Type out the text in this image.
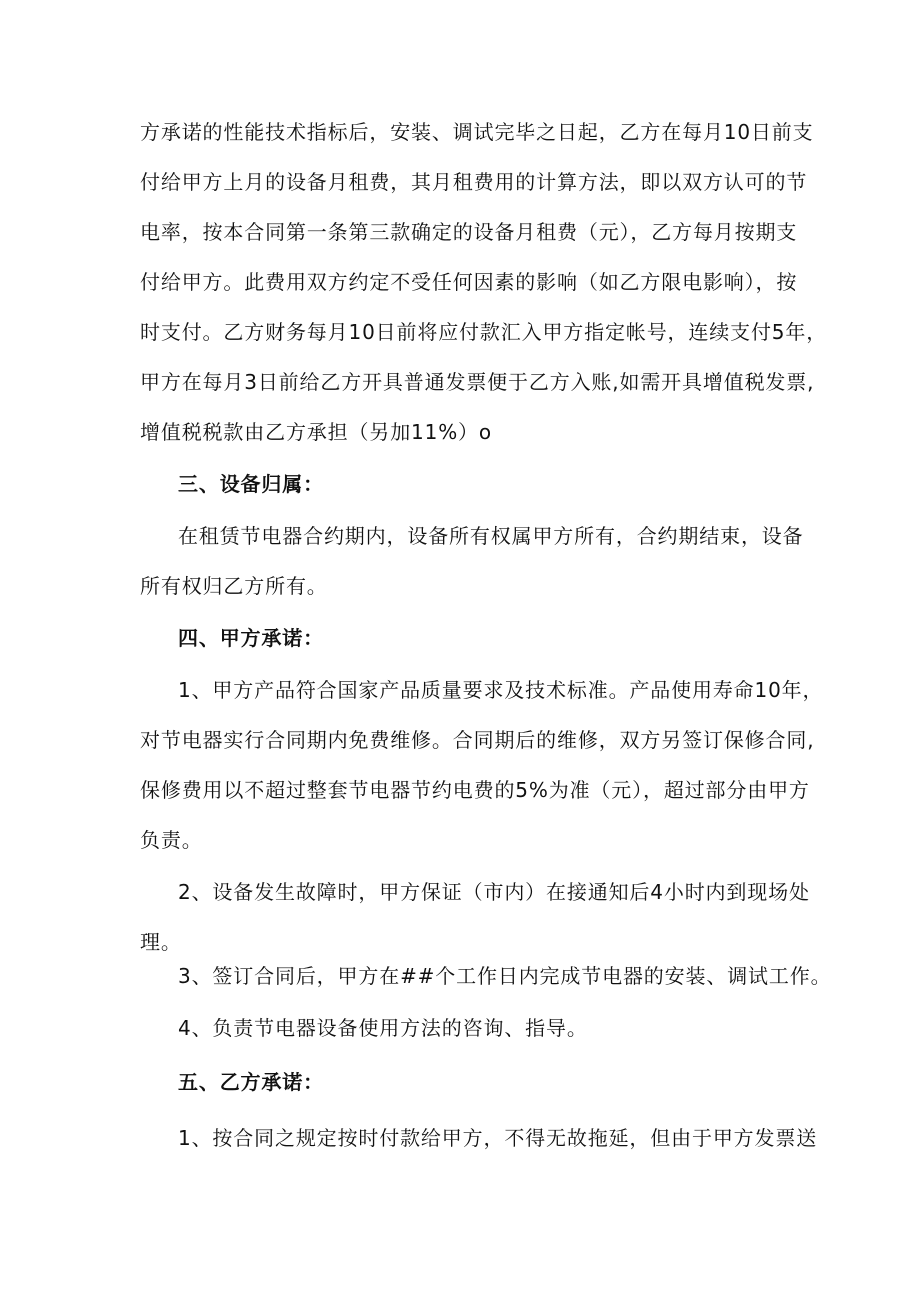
方承诺的性能技术指标后，安装、调试完毕之日起，乙方在每月10日前支
付给甲方上月的设备月租费，其月租费用的计算方法，即以双方认可的节
电率，按本合同第一条第三款确定的设备月租费（元），乙方每月按期支
付给甲方。此费用双方约定不受任何因素的影响（如乙方限电影响），按
时支付。乙方财务每月10日前将应付款汇入甲方指定帐号，连续支付5年，
甲方在每月3日前给乙方开具普通发票便于乙方入账,如需开具增值税发票,
增值税税款由乙方承担（另加11%）o
三、设备归属：
在租赁节电器合约期内，设备所有权属甲方所有，合约期结束，设备
所有权归乙方所有。
四、甲方承诺：
1、甲方产品符合国家产品质量要求及技术标准。产品使用寿命10年，
对节电器实行合同期内免费维修。合同期后的维修，双方另签订保修合同,
保修费用以不超过整套节电器节约电费的5%为准（元），超过部分由甲方
负责。
2、设备发生故障时，甲方保证（市内）在接通知后4小时内到现场处
理。
3、签订合同后，甲方在##个工作日内完成节电器的安装、调试工作。
4、负责节电器设备使用方法的咨询、指导。
五、乙方承诺：
1、按合同之规定按时付款给甲方，不得无故拖延，但由于甲方发票送
